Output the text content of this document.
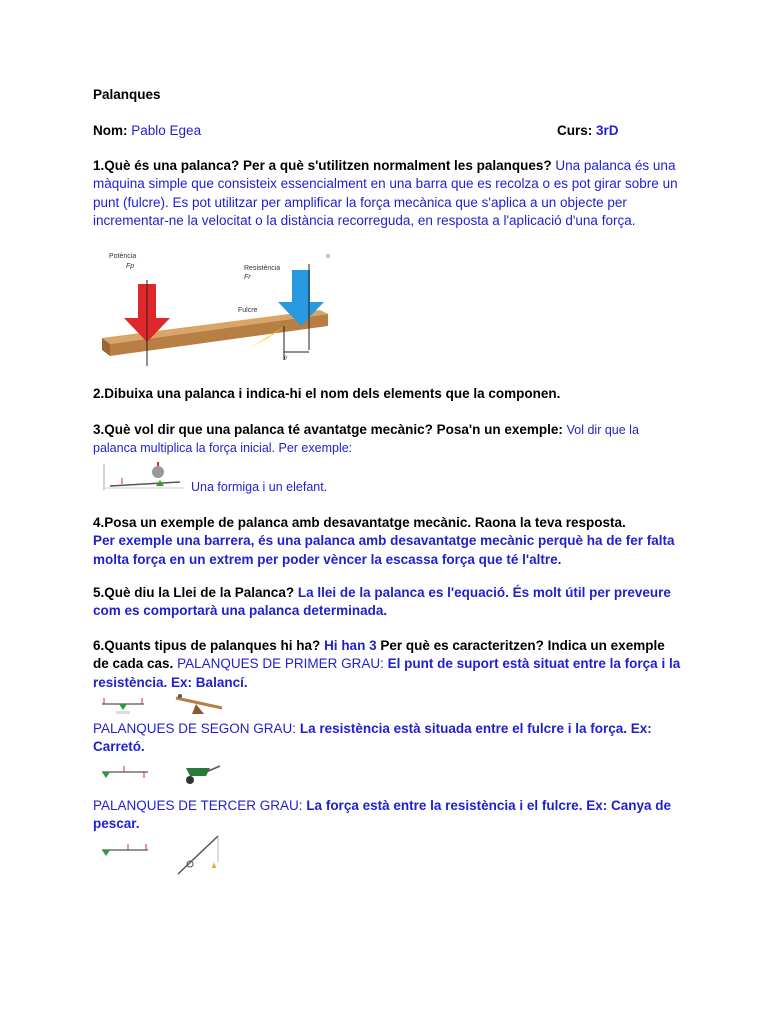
Palanques
Nom: Pablo Egea	Curs: 3rD
1.Què és una palanca? Per a què s'utilitzen normalment les palanques? Una palanca és una màquina simple que consisteix essencialment en una barra que es recolza o es pot girar sobre un punt (fulcre). Es pot utilitzar per amplificar la força mecànica que s'aplica a un objecte per incrementar-ne la velocitat o la distància recorreguda, en resposta a l'aplicació d'una força.
Potència
Fp	Resistència
Fr
Fulcre
lr
2.Dibuixa una palanca i indica-hi el nom dels elements que la componen.
3.Què vol dir que una palanca té avantatge mecànic? Posa'n un exemple: Vol dir que la palanca multiplica la força inicial. Per exemple:
Una formiga i un elefant.
4.Posa un exemple de palanca amb desavantatge mecànic. Raona la teva resposta.
Per exemple una barrera, és una palanca amb desavantatge mecànic perquè ha de fer falta molta força en un extrem per poder vèncer la escassa força que té l'altre.
5.Què diu la Llei de la Palanca? La llei de la palanca es l'equació. És molt útil per preveure com es comportarà una palanca determinada.
6.Quants tipus de palanques hi ha? Hi han 3 Per què es caracteritzen? Indica un exemple de cada cas. PALANQUES DE PRIMER GRAU: El punt de suport està situat entre la força i la resistència. Ex: Balancí.
PALANQUES DE SEGON GRAU: La resistència està situada entre el fulcre i la força. Ex: Carretó.
PALANQUES DE TERCER GRAU: La força està entre la resistència i el fulcre. Ex: Canya de pescar.
